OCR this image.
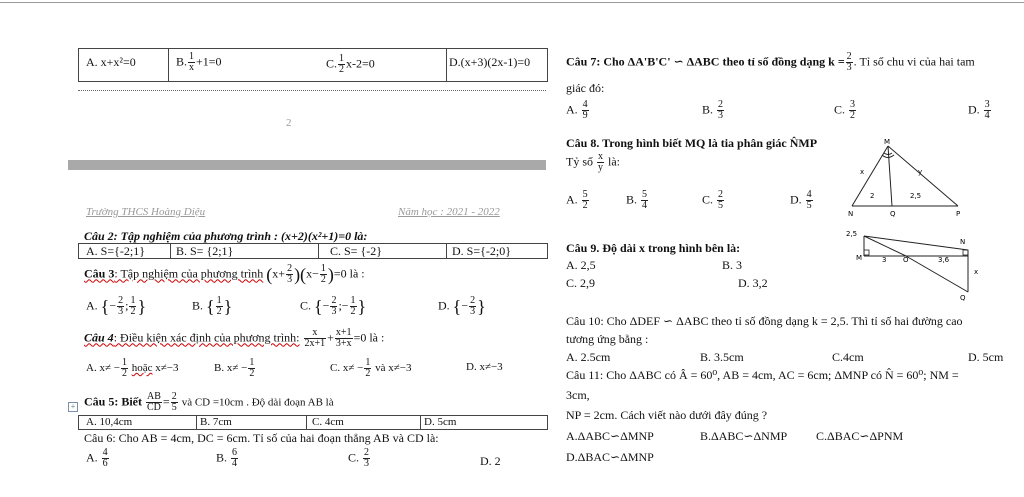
A. x+x²=0	B. $\frac{1}{x} +1=0$	C. $\frac{1}{2} x-2=0$	D.(x+3)(2x-1)=0
2
Trường THCS Hoàng Diệu	Năm học : 2021 - 2022
Câu 2: Tập nghiệm của phương trình : (x+2)(x²+1)=0 là:
A. S={-2;1}	B. S= {2;1}	C. S= {-2}	D. S={-2;0}
Câu 3: Tập nghiệm của phương trình $(x+ \frac{2}{3} )(x- \frac{1}{2} )=0$ là :
A. {− $\frac{2}{3}$ ; $\frac{1}{2}$ }	B. { $\frac{1}{2}$ }	C. {− $\frac{2}{3}$ ;− $\frac{1}{2}$ }	D. {− $\frac{2}{3}$ }
Câu 4: Điều kiện xác định của phương trình: $\frac{x}{2x+1} + \frac{x+1}{3+x} =0$ là :
A. $x\ne - \frac{1}{2}$ hoặc x≠−3	B. $x\ne - \frac{1}{2}$	C. $x\ne - \frac{1}{2}$ và x≠−3	D. x≠−3
+ Câu 5: Biết $\frac{AB}{CD} = \frac{2}{5}$ và CD =10cm . Độ dài đoạn AB là
A. 10,4cm	B. 7cm	C. 4cm	D. 5cm
Câu 6: Cho AB = 4cm, DC = 6cm. Tỉ số của hai đoạn thẳng AB và CD là:
A. $\frac{4}{6}$	B. $\frac{6}{4}$	C. $\frac{2}{3}$	D. 2
Câu 7: Cho ΔA'B'C' ∽ ΔABC theo tỉ số đồng dạng $k = \frac{2}{3}$ . Tỉ số chu vi của hai tam
giác đó:
A. $\frac{4}{9}$	B. $\frac{2}{3}$	C. $\frac{3}{2}$	D. $\frac{3}{4}$
Câu 8. Trong hình biết MQ là tia phân giác N̂MP
Tỷ số $\frac{x}{y}$ là:
A. $\frac{5}{2}$	B. $\frac{5}{4}$	C. $\frac{2}{5}$	D. $\frac{4}{5}$
M
x	y
2	2,5
N	Q	P
Câu 9. Độ dài x trong hình bên là:
A. 2,5	B. 3
C. 2,9	D. 3,2
2,5
N
M	3 O	3,6
x
Q
Câu 10: Cho ΔDEF ∽ ΔABC theo tỉ số đồng dạng k = 2,5. Thì tỉ số hai đường cao
tương ứng bằng :
A. 2.5cm	B. 3.5cm	C.4cm	D. 5cm
Câu 11: Cho ΔABC có Â = 60⁰, AB = 4cm, AC = 6cm; ΔMNP có N̂ = 60⁰; NM =
3cm,
NP = 2cm. Cách viết nào dưới đây đúng ?
A.ΔABC∽ΔMNP	B.ΔABC∽ΔNMP C.ΔBAC∽ΔPNM
D.ΔBAC∽ΔMNP
